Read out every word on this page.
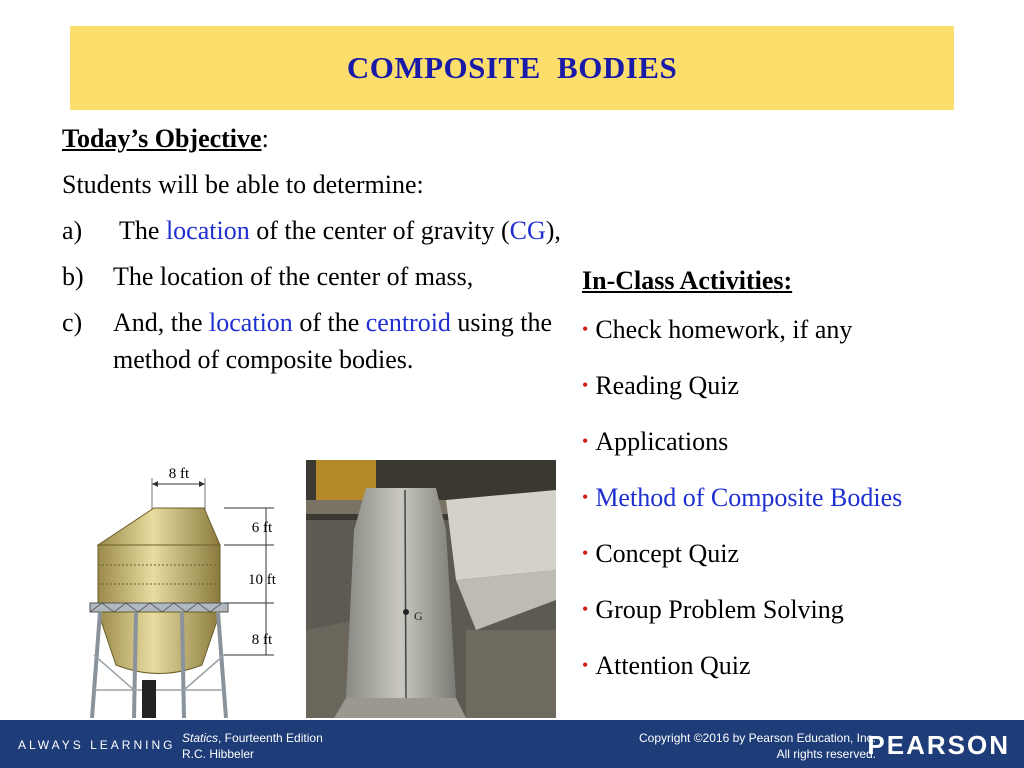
COMPOSITE BODIES
Today’s Objective:
Students will be able to determine:
a) The location of the center of gravity (CG),
b) The location of the center of mass,
c) And, the location of the centroid using the method of composite bodies.
In-Class Activities:
• Check homework, if any
• Reading Quiz
• Applications
• Method of Composite Bodies
• Concept Quiz
• Group Problem Solving
• Attention Quiz
8 ft
6 ft
10 ft
8 ft
G
ALWAYS LEARNING Statics, Fourteenth Edition
R.C. Hibbeler
Copyright ©2016 by Pearson Education, Inc.
All rights reserved.
PEARSON
